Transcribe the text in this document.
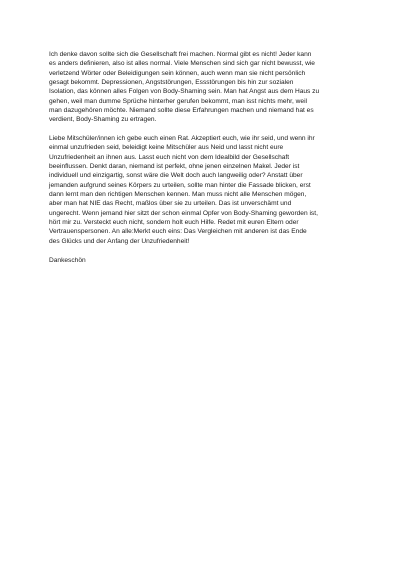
Ich denke davon sollte sich die Gesellschaft frei machen. Normal gibt es nicht! Jeder kann
es anders definieren, also ist alles normal. Viele Menschen sind sich gar nicht bewusst, wie
verletzend Wörter oder Beleidigungen sein können, auch wenn man sie nicht persönlich
gesagt bekommt. Depressionen, Angststörungen, Essstörungen bis hin zur sozialen
Isolation, das können alles Folgen von Body-Shaming sein. Man hat Angst aus dem Haus zu
gehen, weil man dumme Sprüche hinterher gerufen bekommt, man isst nichts mehr, weil
man dazugehören möchte. Niemand sollte diese Erfahrungen machen und niemand hat es
verdient, Body-Shaming zu ertragen.

Liebe Mitschüler/innen ich gebe euch einen Rat. Akzeptiert euch, wie ihr seid, und wenn ihr
einmal unzufrieden seid, beleidigt keine Mitschüler aus Neid und lasst nicht eure
Unzufriedenheit an ihnen aus. Lasst euch nicht von dem Idealbild der Gesellschaft
beeinflussen. Denkt daran, niemand ist perfekt, ohne jenen einzelnen Makel. Jeder ist
individuell und einzigartig, sonst wäre die Welt doch auch langweilig oder? Anstatt über
jemanden aufgrund seines Körpers zu urteilen, sollte man hinter die Fassade blicken, erst
dann lernt man den richtigen Menschen kennen. Man muss nicht alle Menschen mögen,
aber man hat NIE das Recht, maßlos über sie zu urteilen. Das ist unverschämt und
ungerecht. Wenn jemand hier sitzt der schon einmal Opfer von Body-Shaming geworden ist,
hört mir zu. Versteckt euch nicht, sondern holt euch Hilfe. Redet mit euren Eltern oder
Vertrauenspersonen. An alle:Merkt euch eins: Das Vergleichen mit anderen ist das Ende
des Glücks und der Anfang der Unzufriedenheit!

Dankeschön
